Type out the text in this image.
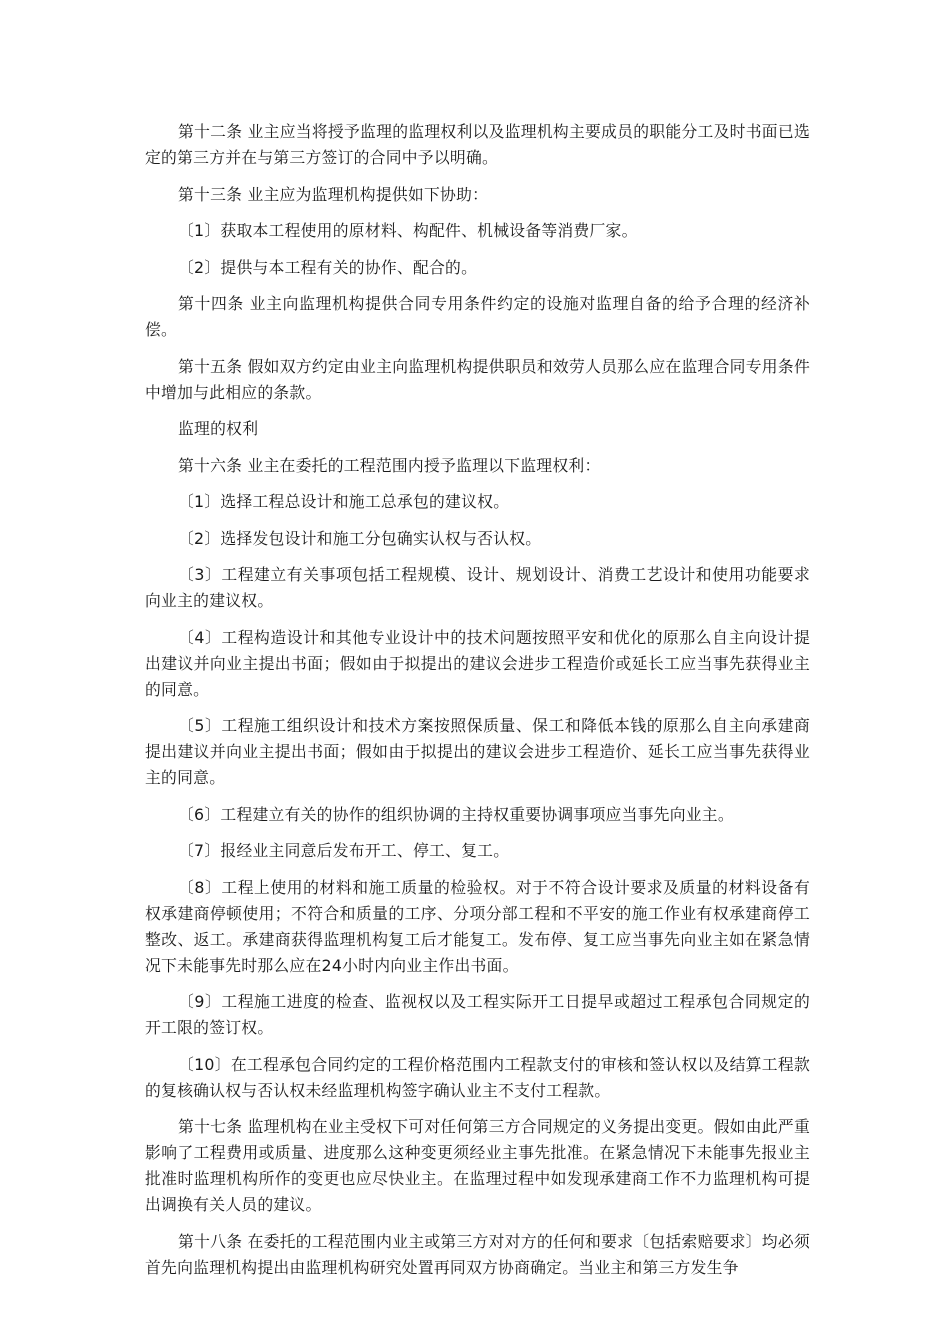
第十二条 业主应当将授予监理的监理权利以及监理机构主要成员的职能分工及时书面已选定的第三方并在与第三方签订的合同中予以明确。

第十三条 业主应为监理机构提供如下协助：

〔1〕获取本工程使用的原材料、构配件、机械设备等消费厂家。

〔2〕提供与本工程有关的协作、配合的。

第十四条 业主向监理机构提供合同专用条件约定的设施对监理自备的给予合理的经济补偿。

第十五条 假如双方约定由业主向监理机构提供职员和效劳人员那么应在监理合同专用条件中增加与此相应的条款。

监理的权利

第十六条 业主在委托的工程范围内授予监理以下监理权利：

〔1〕选择工程总设计和施工总承包的建议权。

〔2〕选择发包设计和施工分包确实认权与否认权。

〔3〕工程建立有关事项包括工程规模、设计、规划设计、消费工艺设计和使用功能要求向业主的建议权。

〔4〕工程构造设计和其他专业设计中的技术问题按照平安和优化的原那么自主向设计提出建议并向业主提出书面；假如由于拟提出的建议会进步工程造价或延长工应当事先获得业主的同意。

〔5〕工程施工组织设计和技术方案按照保质量、保工和降低本钱的原那么自主向承建商提出建议并向业主提出书面；假如由于拟提出的建议会进步工程造价、延长工应当事先获得业主的同意。

〔6〕工程建立有关的协作的组织协调的主持权重要协调事项应当事先向业主。

〔7〕报经业主同意后发布开工、停工、复工。

〔8〕工程上使用的材料和施工质量的检验权。对于不符合设计要求及质量的材料设备有权承建商停顿使用；不符合和质量的工序、分项分部工程和不平安的施工作业有权承建商停工整改、返工。承建商获得监理机构复工后才能复工。发布停、复工应当事先向业主如在紧急情况下未能事先时那么应在24小时内向业主作出书面。

〔9〕工程施工进度的检查、监视权以及工程实际开工日提早或超过工程承包合同规定的开工限的签订权。

〔10〕在工程承包合同约定的工程价格范围内工程款支付的审核和签认权以及结算工程款的复核确认权与否认权未经监理机构签字确认业主不支付工程款。

第十七条 监理机构在业主受权下可对任何第三方合同规定的义务提出变更。假如由此严重影响了工程费用或质量、进度那么这种变更须经业主事先批准。在紧急情况下未能事先报业主批准时监理机构所作的变更也应尽快业主。在监理过程中如发现承建商工作不力监理机构可提出调换有关人员的建议。

第十八条 在委托的工程范围内业主或第三方对对方的任何和要求〔包括索赔要求〕均必须首先向监理机构提出由监理机构研究处置再同双方协商确定。当业主和第三方发生争
